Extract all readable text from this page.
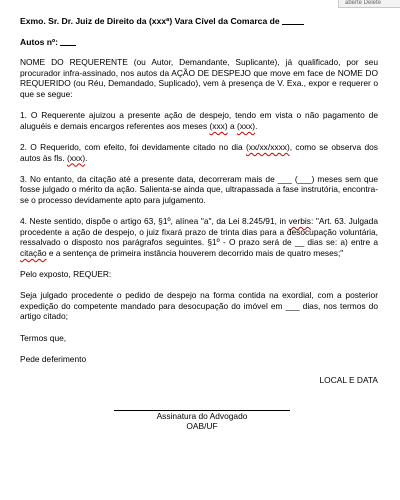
aberte Delete
Exmo. Sr. Dr. Juiz de Direito da (xxxª) Vara Cível da Comarca de
Autos nº:

NOME DO REQUERENTE (ou Autor, Demandante, Suplicante), já qualificado, por seu procurador infra-assinado, nos autos da AÇÃO DE DESPEJO que move em face de NOME DO REQUERIDO (ou Réu, Demandado, Suplicado), vem à presença de V. Exa., expor e requerer o que se segue:

1. O Requerente ajuizou a presente ação de despejo, tendo em vista o não pagamento de aluguéis e demais encargos referentes aos meses (xxx) a (xxx).

2. O Requerido, com efeito, foi devidamente citado no dia (xx/xx/xxxx), como se observa dos autos às fls. (xxx).

3. No entanto, da citação até a presente data, decorreram mais de ___ (___) meses sem que fosse julgado o mérito da ação. Salienta-se ainda que, ultrapassada a fase instrutória, encontra-se o processo devidamente apto para julgamento.

4. Neste sentido, dispõe o artigo 63, §1º, alínea "a", da Lei 8.245/91, in verbis: "Art. 63. Julgada procedente a ação de despejo, o juiz fixará prazo de trinta dias para a desocupação voluntária, ressalvado o disposto nos parágrafos seguintes. §1º - O prazo será de __ dias se: a) entre a citação e a sentença de primeira instância houverem decorrido mais de quatro meses;"

Pelo exposto, REQUER:

Seja julgado procedente o pedido de despejo na forma contida na exordial, com a posterior expedição do competente mandado para desocupação do imóvel em ___ dias, nos termos do artigo citado;

Termos que,

Pede deferimento

LOCAL E DATA
Assinatura do Advogado
OAB/UF
